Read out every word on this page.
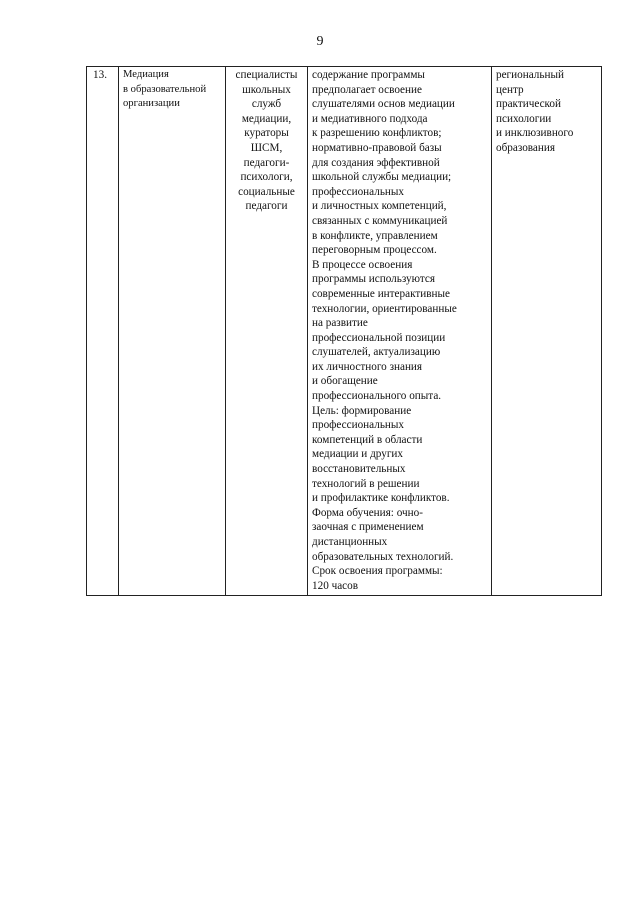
9
13.	Медиация
в образовательной
организации

специалисты
школьных
служб
медиации,
кураторы
ШСМ,
педагоги-
психологи,
социальные
педагоги

содержание программы
предполагает освоение
слушателями основ медиации
и медиативного подхода
к разрешению конфликтов;
нормативно-правовой базы
для создания эффективной
школьной службы медиации;
профессиональных
и личностных компетенций,
связанных с коммуникацией
в конфликте, управлением
переговорным процессом.
В процессе освоения
программы используются
современные интерактивные
технологии, ориентированные
на развитие
профессиональной позиции
слушателей, актуализацию
их личностного знания
и обогащение
профессионального опыта.
Цель: формирование
профессиональных
компетенций в области
медиации и других
восстановительных
технологий в решении
и профилактике конфликтов.
Форма обучения: очно-
заочная с применением
дистанционных
образовательных технологий.
Срок освоения программы:
120 часов

региональный
центр
практической
психологии
и инклюзивного
образования
